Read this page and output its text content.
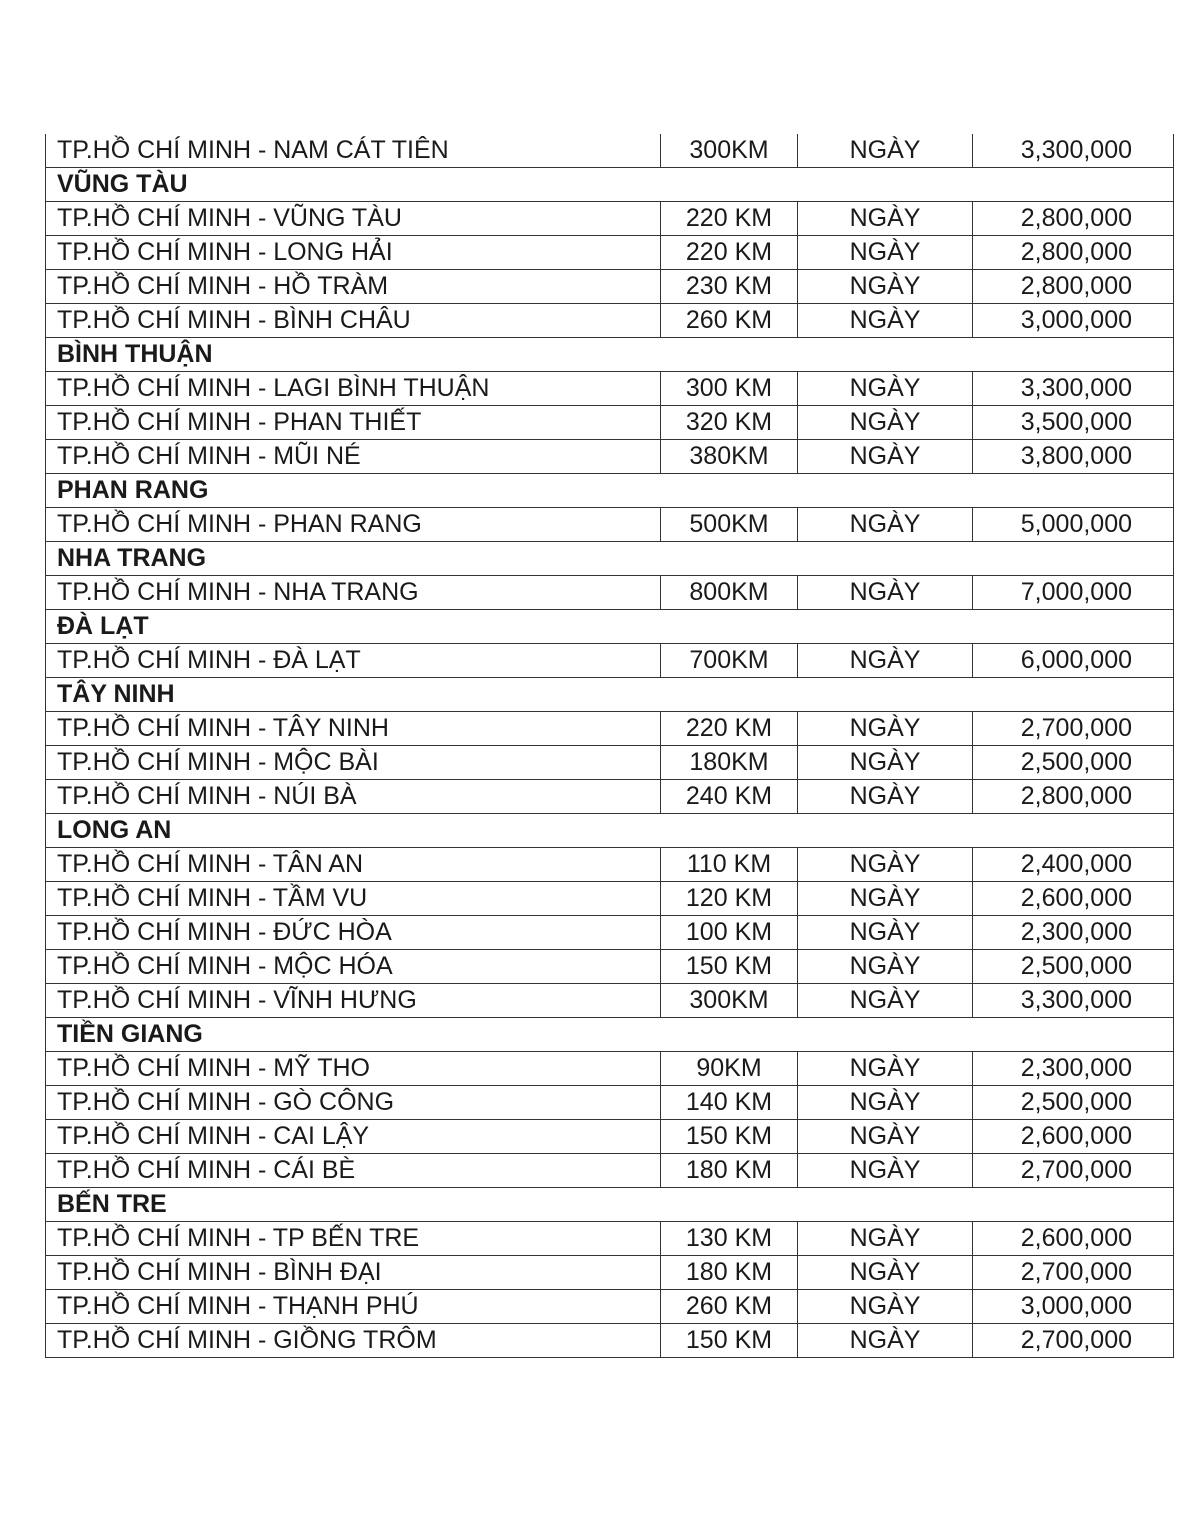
TP.HỒ CHÍ MINH - NAM CÁT TIÊN	300KM	NGÀY	3,300,000
VŨNG TÀU			
TP.HỒ CHÍ MINH - VŨNG TÀU	220 KM	NGÀY	2,800,000
TP.HỒ CHÍ MINH - LONG HẢI	220 KM	NGÀY	2,800,000
TP.HỒ CHÍ MINH - HỒ TRÀM	230 KM	NGÀY	2,800,000
TP.HỒ CHÍ MINH - BÌNH CHÂU	260 KM	NGÀY	3,000,000
BÌNH THUẬN			
TP.HỒ CHÍ MINH - LAGI BÌNH THUẬN	300 KM	NGÀY	3,300,000
TP.HỒ CHÍ MINH - PHAN THIẾT	320 KM	NGÀY	3,500,000
TP.HỒ CHÍ MINH - MŨI NÉ	380KM	NGÀY	3,800,000
PHAN RANG			
TP.HỒ CHÍ MINH - PHAN RANG	500KM	NGÀY	5,000,000
NHA TRANG			
TP.HỒ CHÍ MINH - NHA TRANG	800KM	NGÀY	7,000,000
ĐÀ LẠT			
TP.HỒ CHÍ MINH - ĐÀ LẠT	700KM	NGÀY	6,000,000
TÂY NINH			
TP.HỒ CHÍ MINH - TÂY NINH	220 KM	NGÀY	2,700,000
TP.HỒ CHÍ MINH - MỘC BÀI	180KM	NGÀY	2,500,000
TP.HỒ CHÍ MINH - NÚI BÀ	240 KM	NGÀY	2,800,000
LONG AN			
TP.HỒ CHÍ MINH - TÂN AN	110 KM	NGÀY	2,400,000
TP.HỒ CHÍ MINH - TẦM VU	120 KM	NGÀY	2,600,000
TP.HỒ CHÍ MINH - ĐỨC HÒA	100 KM	NGÀY	2,300,000
TP.HỒ CHÍ MINH - MỘC HÓA	150 KM	NGÀY	2,500,000
TP.HỒ CHÍ MINH - VĨNH HƯNG	300KM	NGÀY	3,300,000
TIỀN GIANG			
TP.HỒ CHÍ MINH - MỸ THO	90KM	NGÀY	2,300,000
TP.HỒ CHÍ MINH - GÒ CÔNG	140 KM	NGÀY	2,500,000
TP.HỒ CHÍ MINH - CAI LẬY	150 KM	NGÀY	2,600,000
TP.HỒ CHÍ MINH - CÁI BÈ	180 KM	NGÀY	2,700,000
BẾN TRE			
TP.HỒ CHÍ MINH - TP BẾN TRE	130 KM	NGÀY	2,600,000
TP.HỒ CHÍ MINH - BÌNH ĐẠI	180 KM	NGÀY	2,700,000
TP.HỒ CHÍ MINH - THẠNH PHÚ	260 KM	NGÀY	3,000,000
TP.HỒ CHÍ MINH - GIỒNG TRÔM	150 KM	NGÀY	2,700,000
